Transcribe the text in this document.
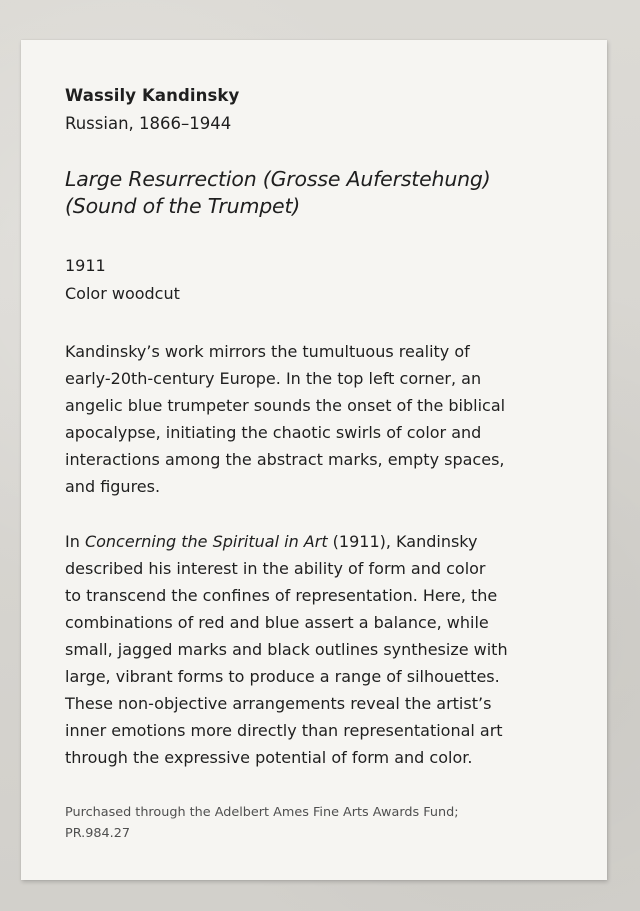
Wassily Kandinsky
Russian, 1866–1944
Large Resurrection (Grosse Auferstehung)
(Sound of the Trumpet)
1911
Color woodcut
Kandinsky’s work mirrors the tumultuous reality of
early-20th-century Europe. In the top left corner, an
angelic blue trumpeter sounds the onset of the biblical
apocalypse, initiating the chaotic swirls of color and
interactions among the abstract marks, empty spaces,
and figures.
In Concerning the Spiritual in Art (1911), Kandinsky
described his interest in the ability of form and color
to transcend the confines of representation. Here, the
combinations of red and blue assert a balance, while
small, jagged marks and black outlines synthesize with
large, vibrant forms to produce a range of silhouettes.
These non-objective arrangements reveal the artist’s
inner emotions more directly than representational art
through the expressive potential of form and color.
Purchased through the Adelbert Ames Fine Arts Awards Fund;
PR.984.27
